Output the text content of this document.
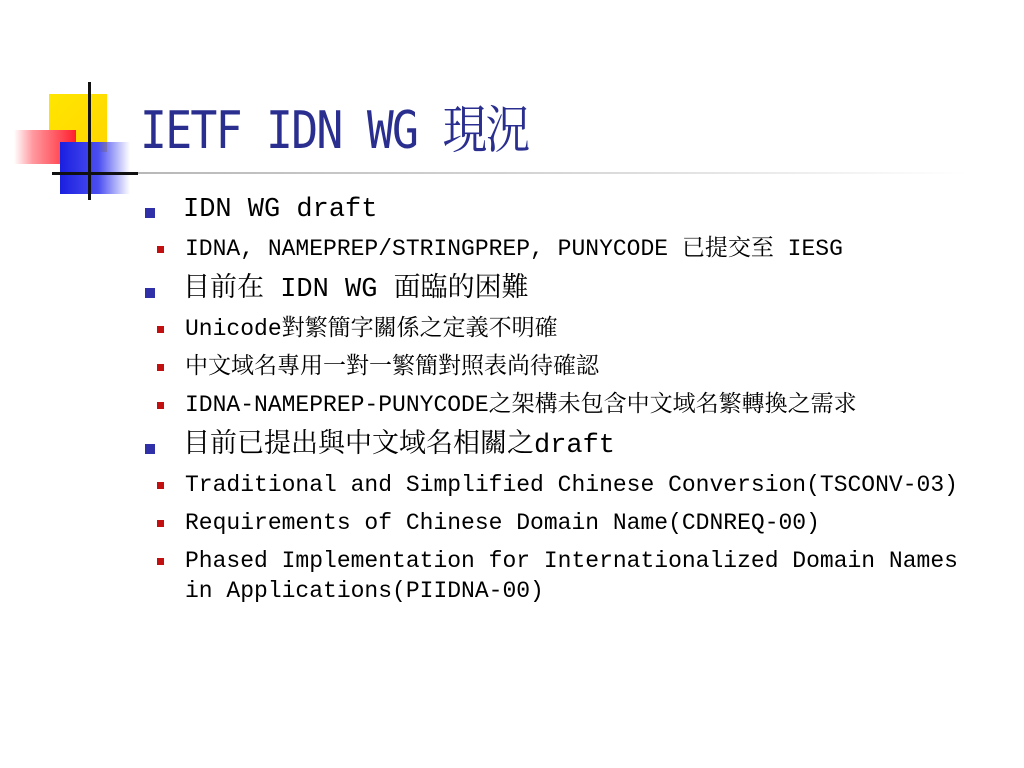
IETF IDN WG 現況
IDN WG draft
IDNA, NAMEPREP/STRINGPREP, PUNYCODE 已提交至 IESG
目前在 IDN WG 面臨的困難
Unicode對繁簡字關係之定義不明確
中文域名專用一對一繁簡對照表尚待確認
IDNA-NAMEPREP-PUNYCODE之架構未包含中文域名繁轉換之需求
目前已提出與中文域名相關之draft
Traditional and Simplified Chinese Conversion(TSCONV-03)
Requirements of Chinese Domain Name(CDNREQ-00)
Phased Implementation for Internationalized Domain Names in Applications(PIIDNA-00)
